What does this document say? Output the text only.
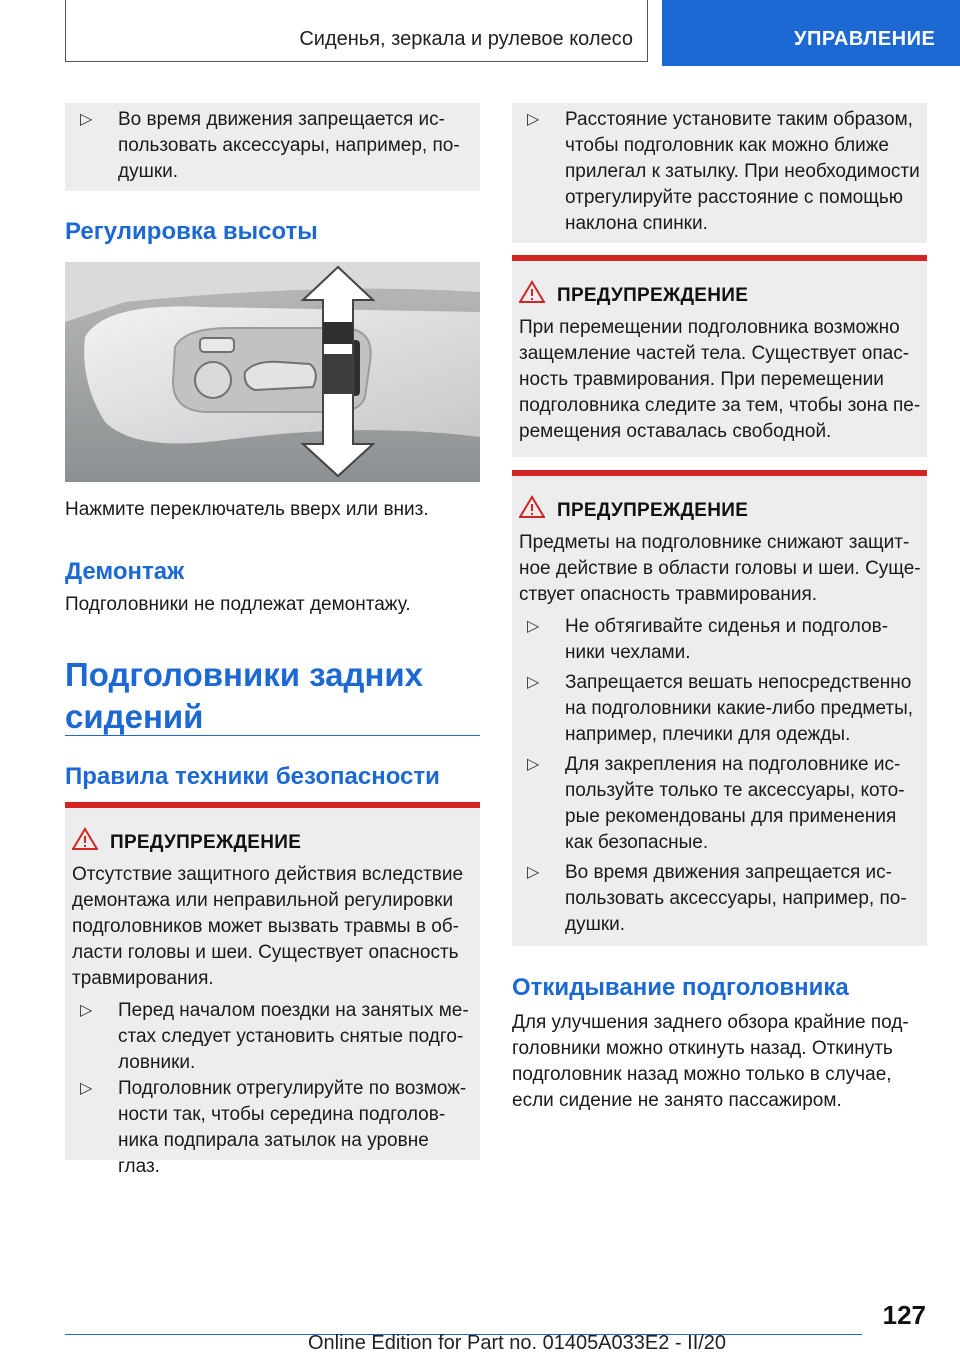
Сиденья, зеркала и рулевое колесо	УПРАВЛЕНИЕ
▷ Во время движения запрещается ис-
пользовать аксессуары, например, по-
душки.
Регулировка высоты
Нажмите переключатель вверх или вниз.
Демонтаж
Подголовники не подлежат демонтажу.
Подголовники задних
сидений
Правила техники безопасности
ПРЕДУПРЕЖДЕНИЕ
Отсутствие защитного действия вследствие
демонтажа или неправильной регулировки
подголовников может вызвать травмы в об-
ласти головы и шеи. Существует опасность
травмирования.
▷ Перед началом поездки на занятых ме-
стах следует установить снятые подго-
ловники.
▷ Подголовник отрегулируйте по возмож-
ности так, чтобы середина подголов-
ника подпирала затылок на уровне глаз.
▷ Расстояние установите таким образом,
чтобы подголовник как можно ближе
прилегал к затылку. При необходимости
отрегулируйте расстояние с помощью
наклона спинки.
ПРЕДУПРЕЖДЕНИЕ
При перемещении подголовника возможно
защемление частей тела. Существует опас-
ность травмирования. При перемещении
подголовника следите за тем, чтобы зона пе-
ремещения оставалась свободной.
ПРЕДУПРЕЖДЕНИЕ
Предметы на подголовнике снижают защит-
ное действие в области головы и шеи. Суще-
ствует опасность травмирования.
▷ Не обтягивайте сиденья и подголов-
ники чехлами.
▷ Запрещается вешать непосредственно
на подголовники какие-либо предметы,
например, плечики для одежды.
▷ Для закрепления на подголовнике ис-
пользуйте только те аксессуары, кото-
рые рекомендованы для применения
как безопасные.
▷ Во время движения запрещается ис-
пользовать аксессуары, например, по-
душки.
Откидывание подголовника
Для улучшения заднего обзора крайние под-
головники можно откинуть назад. Откинуть
подголовник назад можно только в случае,
если сидение не занято пассажиром.
127
Online Edition for Part no. 01405A033E2 - II/20
